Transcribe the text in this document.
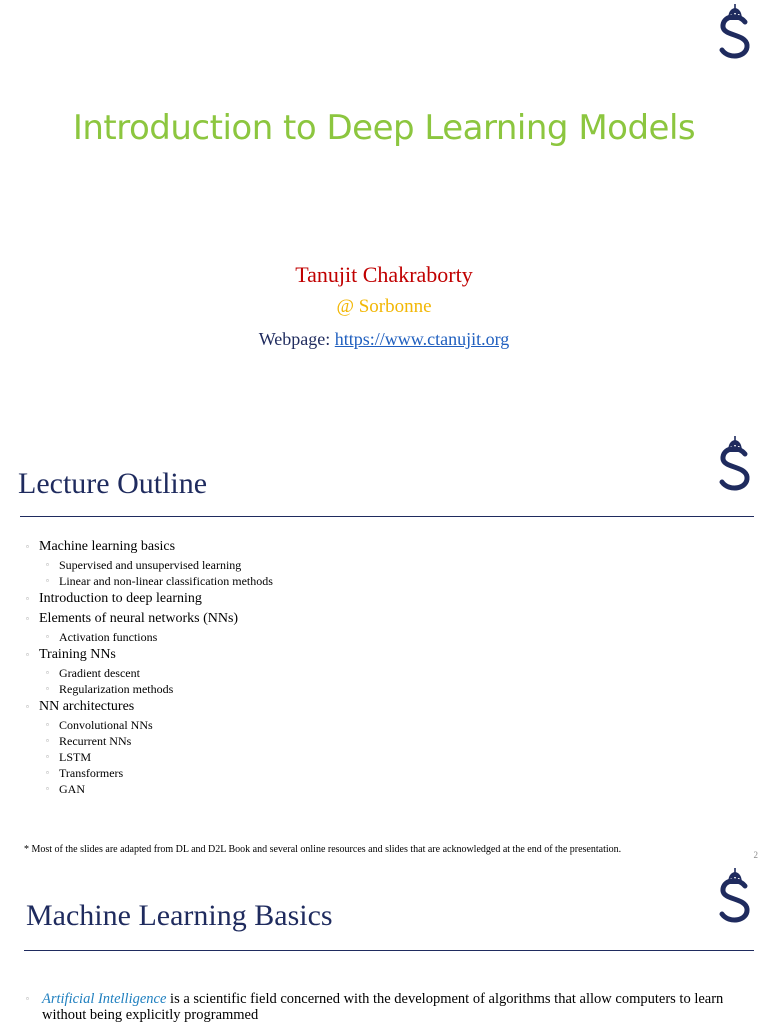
Introduction to Deep Learning Models
Tanujit Chakraborty
@ Sorbonne
Webpage: https://www.ctanujit.org
Lecture Outline
▫ Machine learning basics
▫ Supervised and unsupervised learning
▫ Linear and non-linear classification methods
▫ Introduction to deep learning
▫ Elements of neural networks (NNs)
▫ Activation functions
▫ Training NNs
▫ Gradient descent
▫ Regularization methods
▫ NN architectures
▫ Convolutional NNs
▫ Recurrent NNs
▫ LSTM
▫ Transformers
▫ GAN
* Most of the slides are adapted from DL and D2L Book and several online resources and slides that are acknowledged at the end of the presentation.	2
Machine Learning Basics
▫ Artificial Intelligence is a scientific field concerned with the development of algorithms that allow computers to learn without being explicitly programmed
